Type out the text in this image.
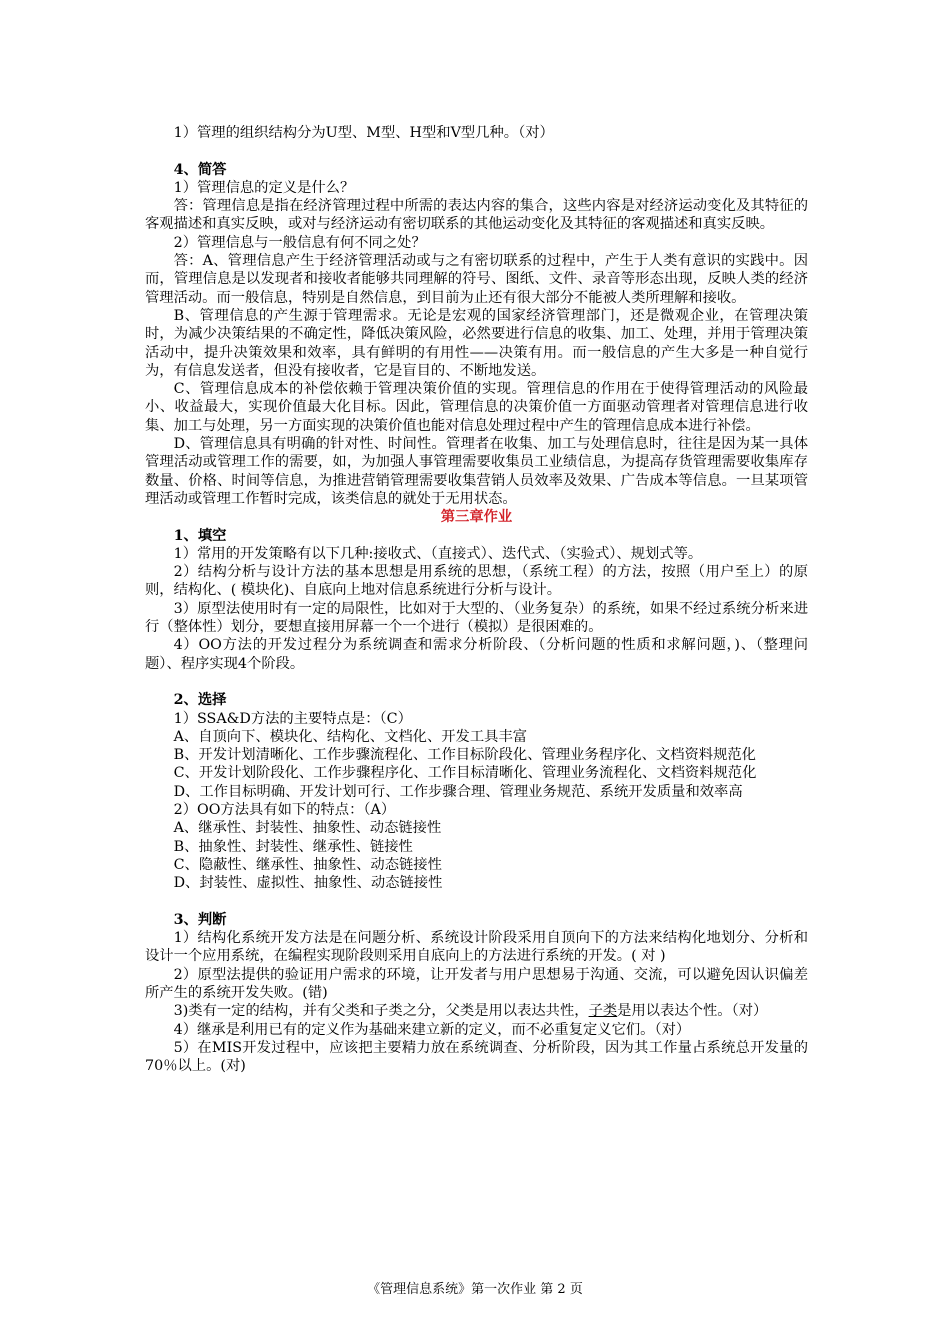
1）管理的组织结构分为U型、M型、H型和V型几种。（对）

4、简答

1）管理信息的定义是什么？

答：管理信息是指在经济管理过程中所需的表达内容的集合，这些内容是对经济运动变化及其特征的客观描述和真实反映，或对与经济运动有密切联系的其他运动变化及其特征的客观描述和真实反映。

2）管理信息与一般信息有何不同之处？

答：A、管理信息产生于经济管理活动或与之有密切联系的过程中，产生于人类有意识的实践中。因而，管理信息是以发现者和接收者能够共同理解的符号、图纸、文件、录音等形态出现，反映人类的经济管理活动。而一般信息，特别是自然信息，到目前为止还有很大部分不能被人类所理解和接收。

B、管理信息的产生源于管理需求。无论是宏观的国家经济管理部门，还是微观企业，在管理决策时，为减少决策结果的不确定性，降低决策风险，必然要进行信息的收集、加工、处理，并用于管理决策活动中，提升决策效果和效率，具有鲜明的有用性——决策有用。而一般信息的产生大多是一种自觉行为，有信息发送者，但没有接收者，它是盲目的、不断地发送。

C、管理信息成本的补偿依赖于管理决策价值的实现。管理信息的作用在于使得管理活动的风险最小、收益最大，实现价值最大化目标。因此，管理信息的决策价值一方面驱动管理者对管理信息进行收集、加工与处理，另一方面实现的决策价值也能对信息处理过程中产生的管理信息成本进行补偿。

D、管理信息具有明确的针对性、时间性。管理者在收集、加工与处理信息时，往往是因为某一具体管理活动或管理工作的需要，如，为加强人事管理需要收集员工业绩信息，为提高存货管理需要收集库存数量、价格、时间等信息，为推进营销管理需要收集营销人员效率及效果、广告成本等信息。一旦某项管理活动或管理工作暂时完成，该类信息的就处于无用状态。

第三章作业

1、填空

1）常用的开发策略有以下几种:接收式、（直接式）、迭代式、（实验式）、规划式等。

2）结构分析与设计方法的基本思想是用系统的思想，（系统工程）的方法，按照（用户至上）的原则，结构化、( 模块化)、自底向上地对信息系统进行分析与设计。

3）原型法使用时有一定的局限性，比如对于大型的、（业务复杂）的系统，如果不经过系统分析来进行（整体性）划分，要想直接用屏幕一个一个进行（模拟）是很困难的。

4）OO方法的开发过程分为系统调查和需求分析阶段、（分析问题的性质和求解问题，)、（整理问题）、程序实现4个阶段。

2、选择

1）SSA&D方法的主要特点是：（C）

A、自顶向下、模块化、结构化、文档化、开发工具丰富

B、开发计划清晰化、工作步骤流程化、工作目标阶段化、管理业务程序化、文档资料规范化

C、开发计划阶段化、工作步骤程序化、工作目标清晰化、管理业务流程化、文档资料规范化

D、工作目标明确、开发计划可行、工作步骤合理、管理业务规范、系统开发质量和效率高

2）OO方法具有如下的特点：（A）

A、继承性、封装性、抽象性、动态链接性

B、抽象性、封装性、继承性、链接性

C、隐蔽性、继承性、抽象性、动态链接性

D、封装性、虚拟性、抽象性、动态链接性

3、判断

1）结构化系统开发方法是在问题分析、系统设计阶段采用自顶向下的方法来结构化地划分、分析和设计一个应用系统，在编程实现阶段则采用自底向上的方法进行系统的开发。( 对 )

2）原型法提供的验证用户需求的环境，让开发者与用户思想易于沟通、交流，可以避免因认识偏差所产生的系统开发失败。(错)

3)类有一定的结构，并有父类和子类之分，父类是用以表达共性，子类是用以表达个性。（对）

4）继承是利用已有的定义作为基础来建立新的定义，而不必重复定义它们。（对）

5）在MIS开发过程中，应该把主要精力放在系统调查、分析阶段，因为其工作量占系统总开发量的70％以上。(对)

《管理信息系统》第一次作业 第 2 页
